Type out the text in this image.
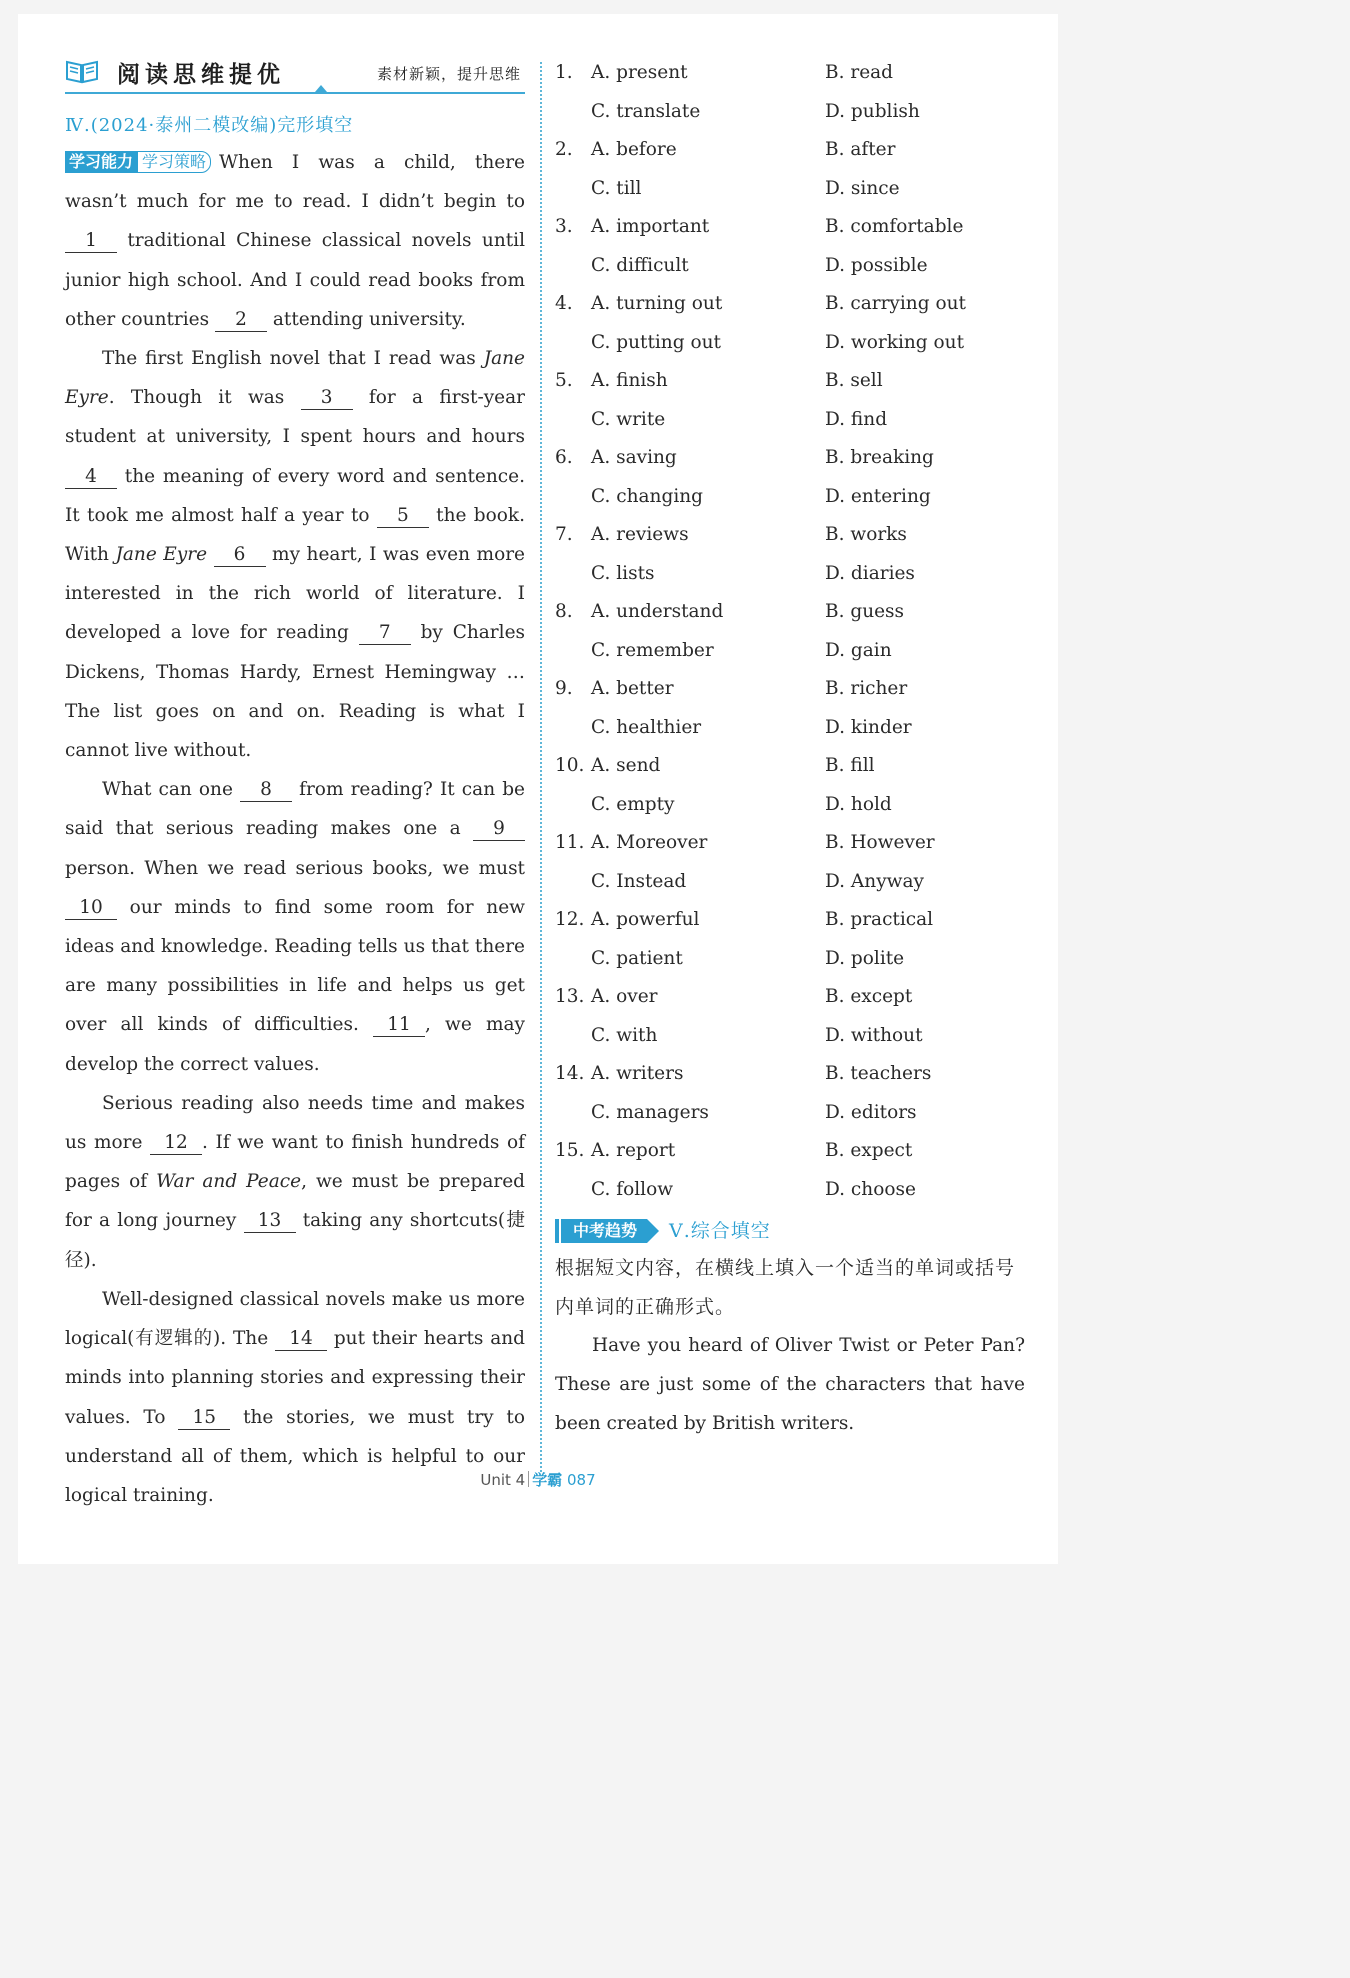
阅读思维提优	素材新颖，提升思维
Ⅳ.(2024·泰州二模改编)完形填空

学习能力 学习策略 When I was a child, there wasn’t much for me to read. I didn’t begin to 1 traditional Chinese classical novels until junior high school. And I could read books from other countries 2 attending university.

The first English novel that I read was Jane Eyre. Though it was 3 for a first-year student at university, I spent hours and hours 4 the meaning of every word and sentence. It took me almost half a year to 5 the book. With Jane Eyre 6 my heart, I was even more interested in the rich world of literature. I developed a love for reading 7 by Charles Dickens, Thomas Hardy, Ernest Hemingway … The list goes on and on. Reading is what I cannot live without.

What can one 8 from reading? It can be said that serious reading makes one a 9 person. When we read serious books, we must 10 our minds to find some room for new ideas and knowledge. Reading tells us that there are many possibilities in life and helps us get over all kinds of difficulties. 11 , we may develop the correct values.

Serious reading also needs time and makes us more 12 . If we want to finish hundreds of pages of War and Peace, we must be prepared for a long journey 13 taking any shortcuts(捷径).

Well-designed classical novels make us more logical(有逻辑的). The 14 put their hearts and minds into planning stories and expressing their values. To 15 the stories, we must try to understand all of them, which is helpful to our logical training.

1. A. present	B. read
C. translate	D. publish
2. A. before	B. after
C. till	D. since
3. A. important	B. comfortable
C. difficult	D. possible
4. A. turning out	B. carrying out
C. putting out	D. working out
5. A. finish	B. sell
C. write	D. find
6. A. saving	B. breaking
C. changing	D. entering
7. A. reviews	B. works
C. lists	D. diaries
8. A. understand	B. guess
C. remember	D. gain
9. A. better	B. richer
C. healthier	D. kinder
10. A. send	B. fill
C. empty	D. hold
11. A. Moreover	B. However
C. Instead	D. Anyway
12. A. powerful	B. practical
C. patient	D. polite
13. A. over	B. except
C. with	D. without
14. A. writers	B. teachers
C. managers	D. editors
15. A. report	B. expect
C. follow	D. choose
中考趋势	Ⅴ.综合填空

根据短文内容，在横线上填入一个适当的单词或括号内单词的正确形式。

Have you heard of Oliver Twist or Peter Pan? These are just some of the characters that have been created by British writers.

Unit 4 学霸 087
